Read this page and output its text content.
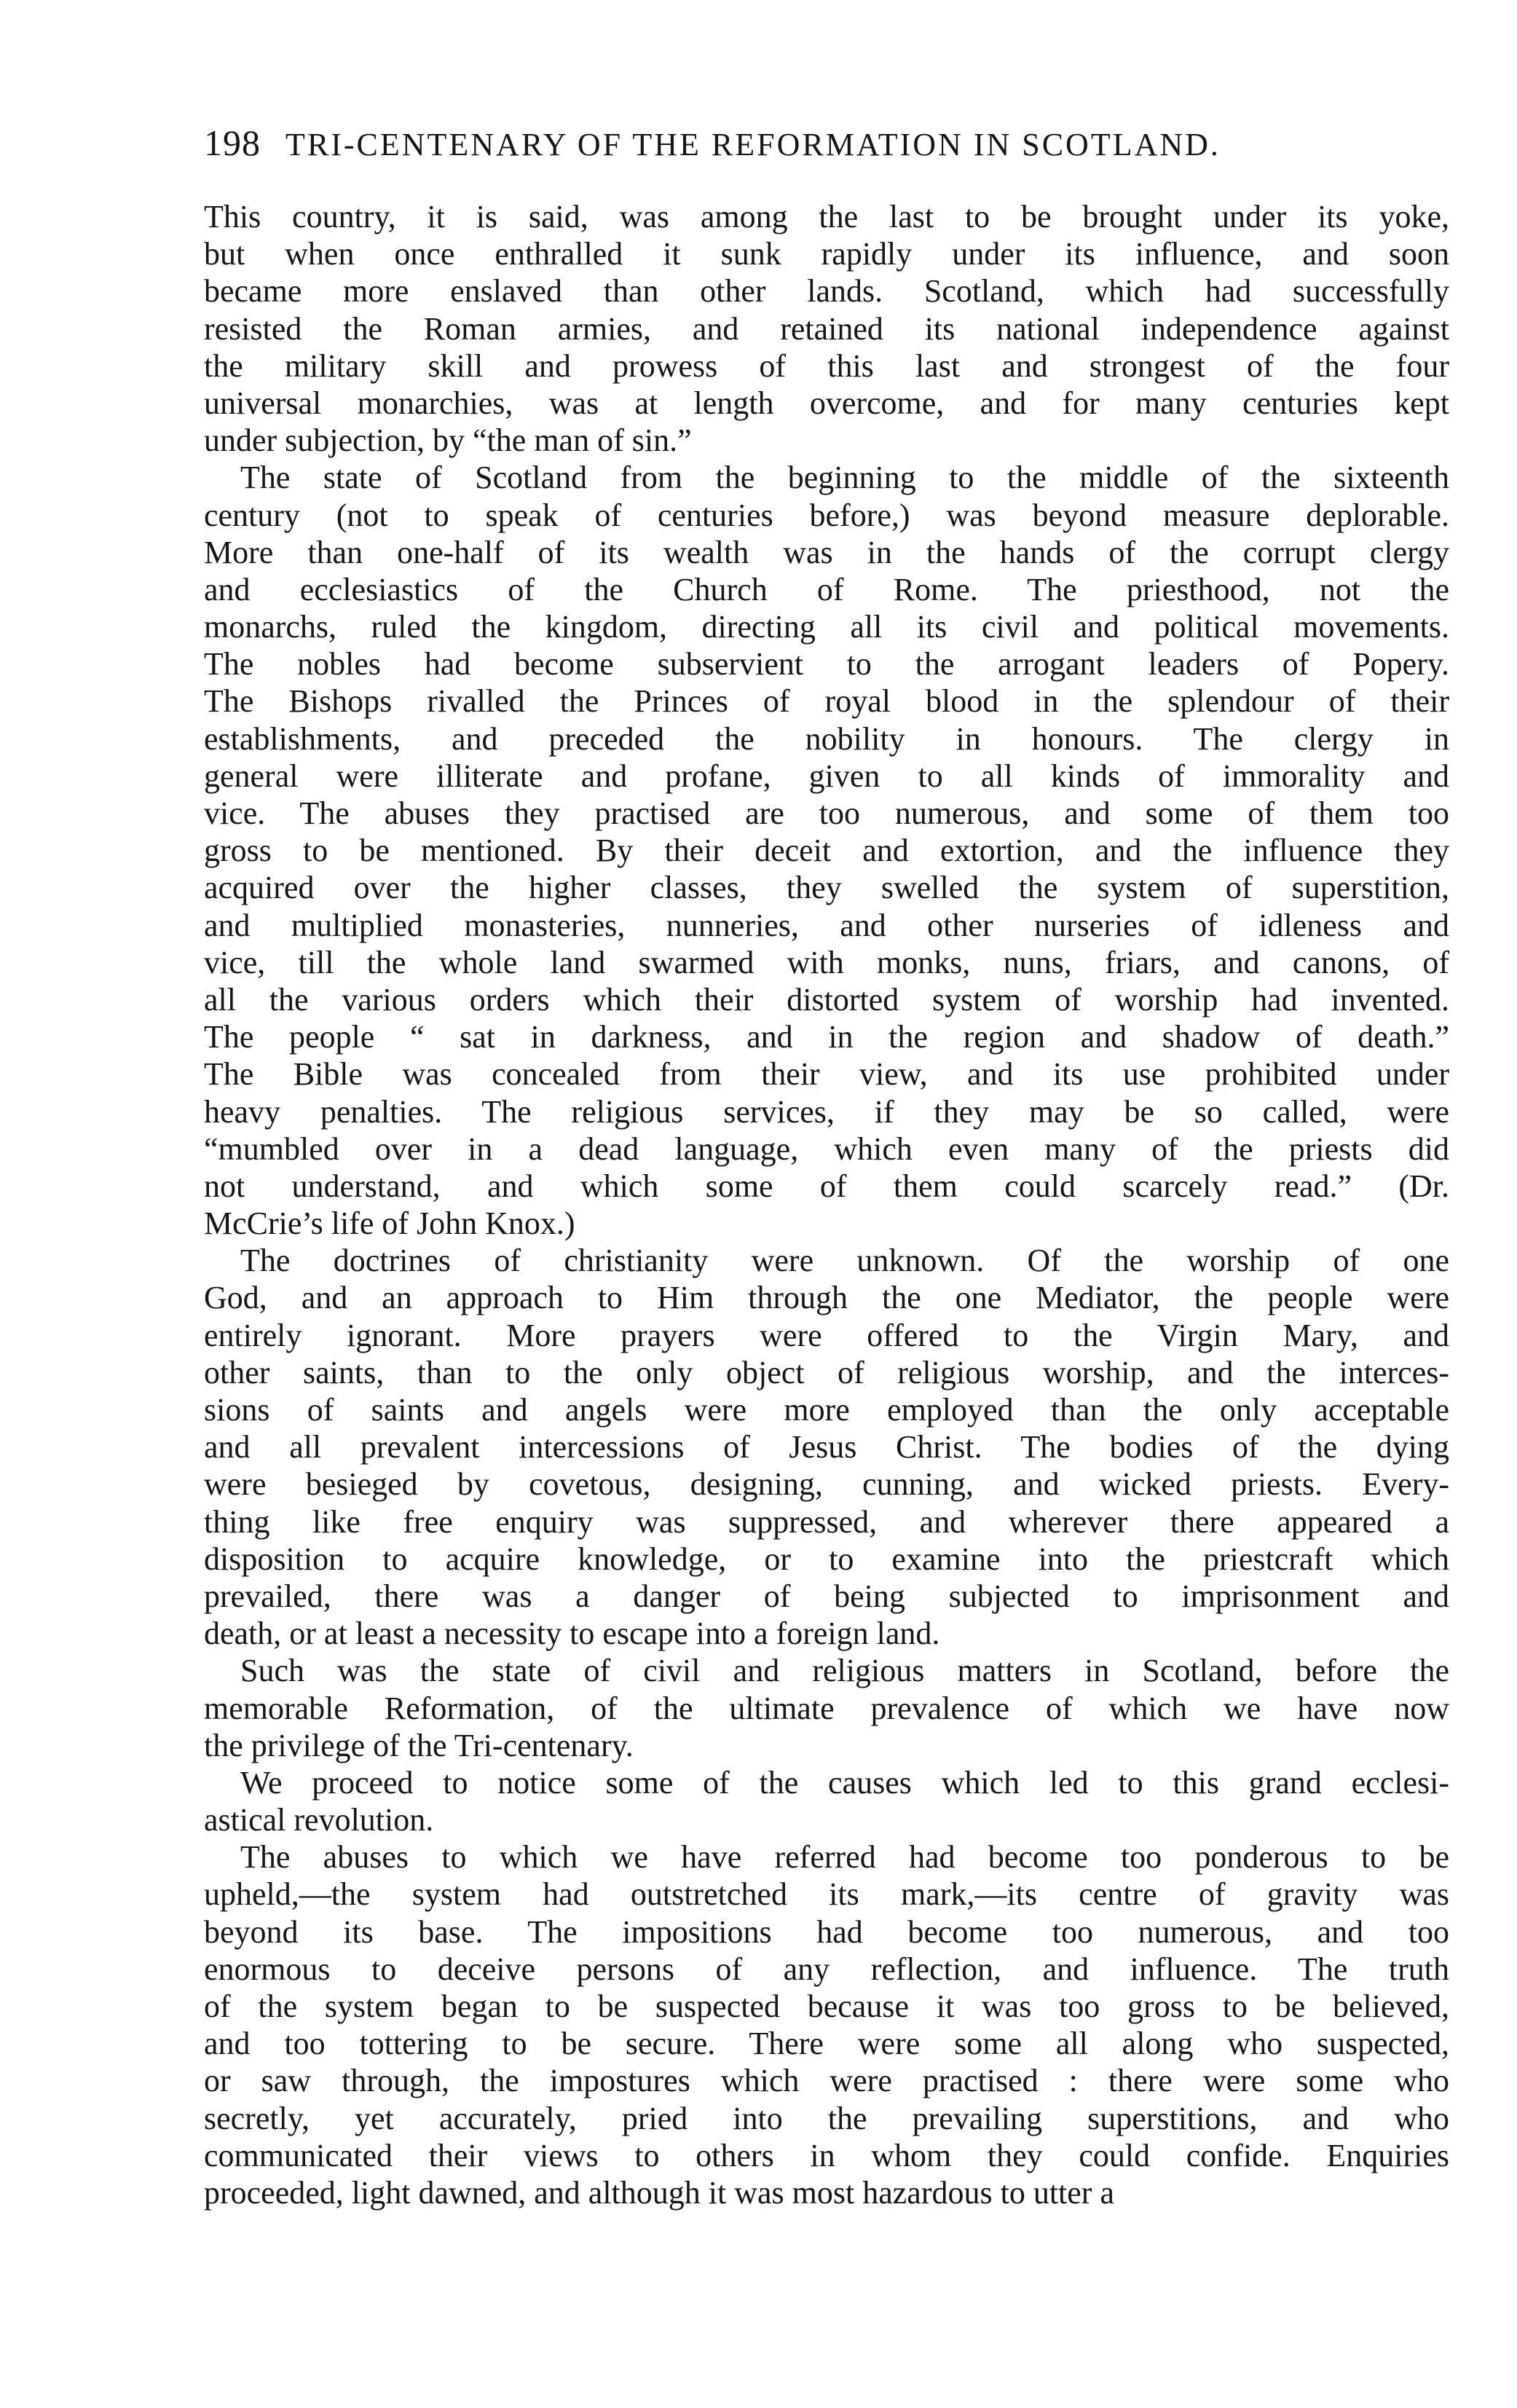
198 TRI-CENTENARY OF THE REFORMATION IN SCOTLAND.
This country, it is said, was among the last to be brought under its yoke,
but when once enthralled it sunk rapidly under its influence, and soon
became more enslaved than other lands. Scotland, which had successfully
resisted the Roman armies, and retained its national independence against
the military skill and prowess of this last and strongest of the four
universal monarchies, was at length overcome, and for many centuries kept
under subjection, by “the man of sin.”
The state of Scotland from the beginning to the middle of the sixteenth
century (not to speak of centuries before,) was beyond measure deplorable.
More than one-half of its wealth was in the hands of the corrupt clergy
and ecclesiastics of the Church of Rome. The priesthood, not the
monarchs, ruled the kingdom, directing all its civil and political movements.
The nobles had become subservient to the arrogant leaders of Popery.
The Bishops rivalled the Princes of royal blood in the splendour of their
establishments, and preceded the nobility in honours. The clergy in
general were illiterate and profane, given to all kinds of immorality and
vice. The abuses they practised are too numerous, and some of them too
gross to be mentioned. By their deceit and extortion, and the influence they
acquired over the higher classes, they swelled the system of superstition,
and multiplied monasteries, nunneries, and other nurseries of idleness and
vice, till the whole land swarmed with monks, nuns, friars, and canons, of
all the various orders which their distorted system of worship had invented.
The people “ sat in darkness, and in the region and shadow of death.”
The Bible was concealed from their view, and its use prohibited under
heavy penalties. The religious services, if they may be so called, were
“mumbled over in a dead language, which even many of the priests did
not understand, and which some of them could scarcely read.” (Dr.
McCrie’s life of John Knox.)
The doctrines of christianity were unknown. Of the worship of one
God, and an approach to Him through the one Mediator, the people were
entirely ignorant. More prayers were offered to the Virgin Mary, and
other saints, than to the only object of religious worship, and the interces-
sions of saints and angels were more employed than the only acceptable
and all prevalent intercessions of Jesus Christ. The bodies of the dying
were besieged by covetous, designing, cunning, and wicked priests. Every-
thing like free enquiry was suppressed, and wherever there appeared a
disposition to acquire knowledge, or to examine into the priestcraft which
prevailed, there was a danger of being subjected to imprisonment and
death, or at least a necessity to escape into a foreign land.
Such was the state of civil and religious matters in Scotland, before the
memorable Reformation, of the ultimate prevalence of which we have now
the privilege of the Tri-centenary.
We proceed to notice some of the causes which led to this grand ecclesi-
astical revolution.
The abuses to which we have referred had become too ponderous to be
upheld,—the system had outstretched its mark,—its centre of gravity was
beyond its base. The impositions had become too numerous, and too
enormous to deceive persons of any reflection, and influence. The truth
of the system began to be suspected because it was too gross to be believed,
and too tottering to be secure. There were some all along who suspected,
or saw through, the impostures which were practised : there were some who
secretly, yet accurately, pried into the prevailing superstitions, and who
communicated their views to others in whom they could confide. Enquiries
proceeded, light dawned, and although it was most hazardous to utter a
